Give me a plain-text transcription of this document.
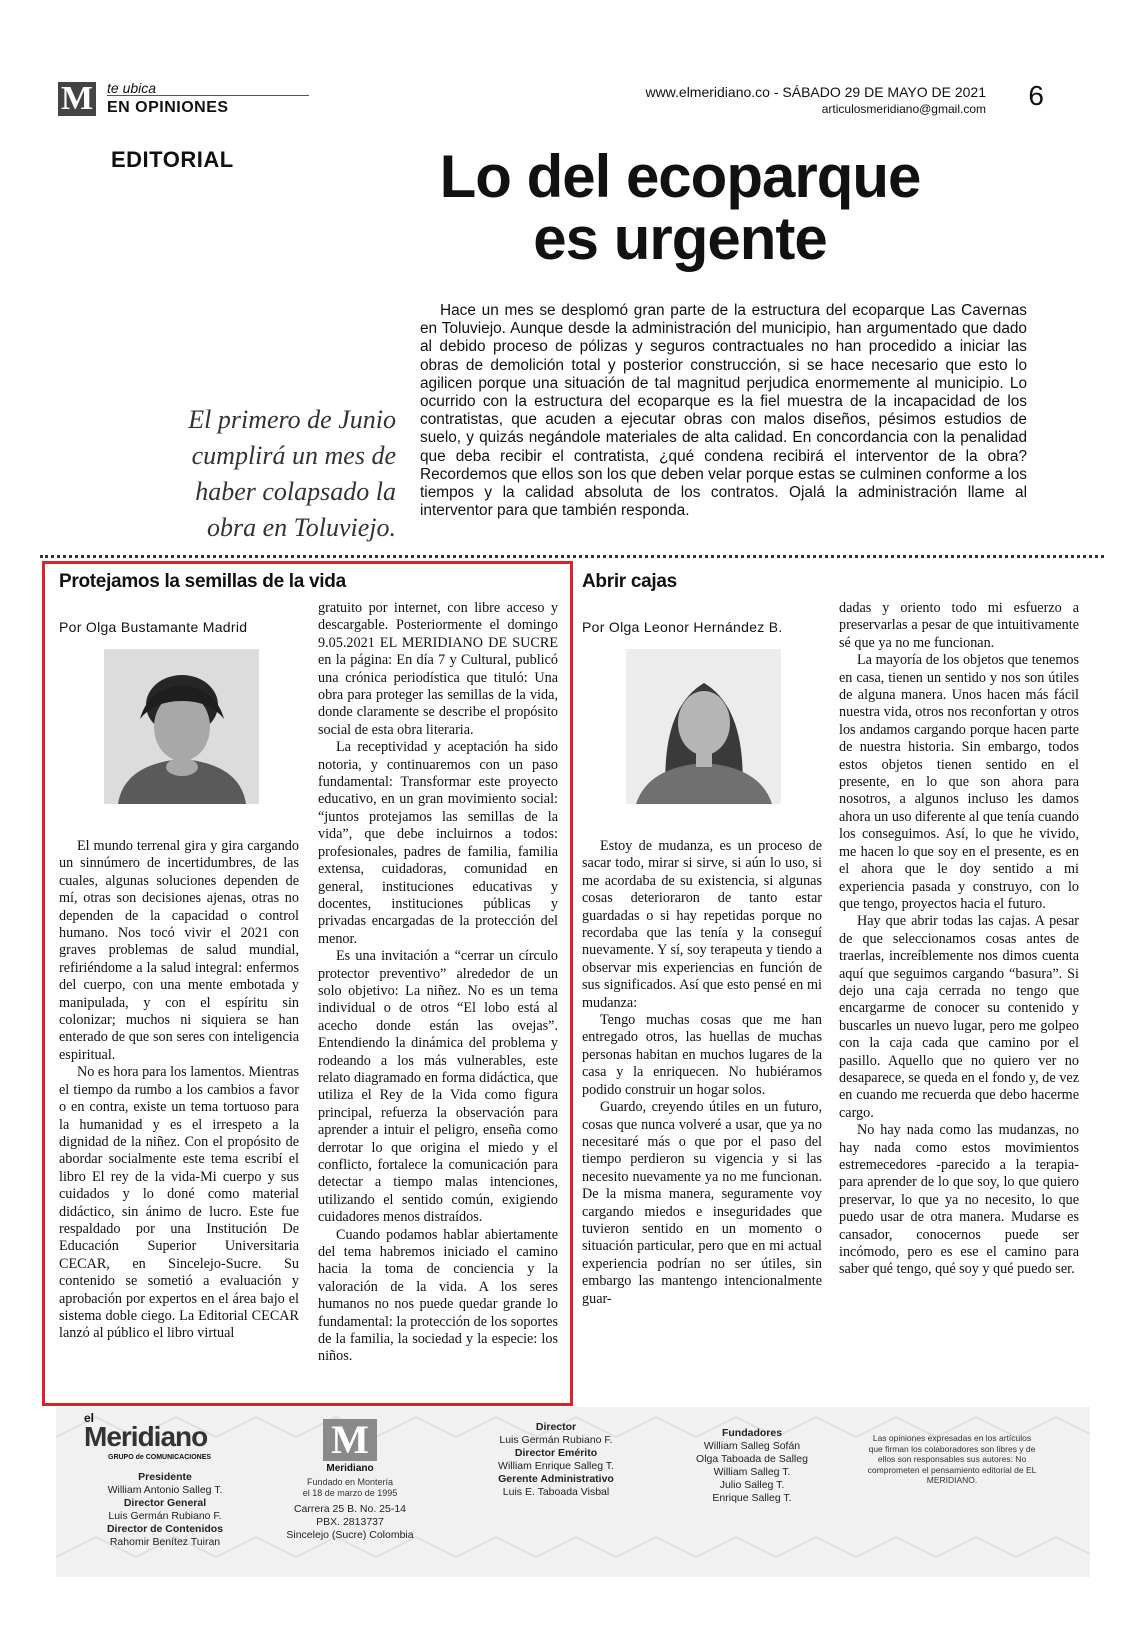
M te ubica
EN OPINIONES
www.elmeridiano.co - SÁBADO 29 DE MAYO DE 2021
articulosmeridiano@gmail.com 6
EDITORIAL	Lo del ecoparque
es urgente

Hace un mes se desplomó gran parte de la estructura del ecoparque Las Cavernas en Toluviejo. Aunque desde la administración del municipio, han argumentado que dado al debido proceso de pólizas y seguros contractuales no han procedido a iniciar las obras de demolición total y posterior construcción, si se hace necesario que esto lo agilicen porque una situación de tal magnitud perjudica enormemente al municipio. Lo ocurrido con la estructura del ecoparque es la fiel muestra de la incapacidad de los contratistas, que acuden a ejecutar obras con malos diseños, pésimos estudios de suelo, y quizás negándole materiales de alta calidad. En concordancia con la penalidad que deba recibir el contratista, ¿qué condena recibirá el interventor de la obra? Recordemos que ellos son los que deben velar porque estas se culminen conforme a los tiempos y la calidad absoluta de los contratos. Ojalá la administración llame al interventor para que también responda.

El primero de Junio cumplirá un mes de haber colapsado la obra en Toluviejo.
Protejamos la semillas de la vida
Por Olga Bustamante Madrid

El mundo terrenal gira y gira cargando un sinnúmero de incertidumbres, de las cuales, algunas soluciones dependen de mí, otras son decisiones ajenas, otras no dependen de la capacidad o control humano. Nos tocó vivir el 2021 con graves problemas de salud mundial, refiriéndome a la salud integral: enfermos del cuerpo, con una mente embotada y manipulada, y con el espíritu sin colonizar; muchos ni siquiera se han enterado de que son seres con inteligencia espiritual.

No es hora para los lamentos. Mientras el tiempo da rumbo a los cambios a favor o en contra, existe un tema tortuoso para la humanidad y es el irrespeto a la dignidad de la niñez. Con el propósito de abordar socialmente este tema escribí el libro El rey de la vida-Mi cuerpo y sus cuidados y lo doné como material didáctico, sin ánimo de lucro. Este fue respaldado por una Institución De Educación Superior Universitaria CECAR, en Sincelejo-Sucre. Su contenido se sometió a evaluación y aprobación por expertos en el área bajo el sistema doble ciego. La Editorial CECAR lanzó al público el libro virtual

gratuito por internet, con libre acceso y descargable. Posteriormente el domingo 9.05.2021 EL MERIDIANO DE SUCRE en la página: En día 7 y Cultural, publicó una crónica periodística que tituló: Una obra para proteger las semillas de la vida, donde claramente se describe el propósito social de esta obra literaria.

La receptividad y aceptación ha sido notoria, y continuaremos con un paso fundamental: Transformar este proyecto educativo, en un gran movimiento social: “juntos protejamos las semillas de la vida”, que debe incluirnos a todos: profesionales, padres de familia, familia extensa, cuidadoras, comunidad en general, instituciones educativas y docentes, instituciones públicas y privadas encargadas de la protección del menor.

Es una invitación a “cerrar un círculo protector preventivo” alrededor de un solo objetivo: La niñez. No es un tema individual o de otros “El lobo está al acecho donde están las ovejas”. Entendiendo la dinámica del problema y rodeando a los más vulnerables, este relato diagramado en forma didáctica, que utiliza el Rey de la Vida como figura principal, refuerza la observación para aprender a intuir el peligro, enseña como derrotar lo que origina el miedo y el conflicto, fortalece la comunicación para detectar a tiempo malas intenciones, utilizando el sentido común, exigiendo cuidadores menos distraídos.

Cuando podamos hablar abiertamente del tema habremos iniciado el camino hacia la toma de conciencia y la valoración de la vida. A los seres humanos no nos puede quedar grande lo fundamental: la protección de los soportes de la familia, la sociedad y la especie: los niños.

Abrir cajas
Por Olga Leonor Hernández B.

Estoy de mudanza, es un proceso de sacar todo, mirar si sirve, si aún lo uso, si me acordaba de su existencia, si algunas cosas deterioraron de tanto estar guardadas o si hay repetidas porque no recordaba que las tenía y la conseguí nuevamente. Y sí, soy terapeuta y tiendo a observar mis experiencias en función de sus significados. Así que esto pensé en mi mudanza:

Tengo muchas cosas que me han entregado otros, las huellas de muchas personas habitan en muchos lugares de la casa y la enriquecen. No hubiéramos podido construir un hogar solos.

Guardo, creyendo útiles en un futuro, cosas que nunca volveré a usar, que ya no necesitaré más o que por el paso del tiempo perdieron su vigencia y si las necesito nuevamente ya no me funcionan. De la misma manera, seguramente voy cargando miedos e inseguridades que tuvieron sentido en un momento o situación particular, pero que en mi actual experiencia podrían no ser útiles, sin embargo las mantengo intencionalmente guar-

dadas y oriento todo mi esfuerzo a preservarlas a pesar de que intuitivamente sé que ya no me funcionan.

La mayoría de los objetos que tenemos en casa, tienen un sentido y nos son útiles de alguna manera. Unos hacen más fácil nuestra vida, otros nos reconfortan y otros los andamos cargando porque hacen parte de nuestra historia. Sin embargo, todos estos objetos tienen sentido en el presente, en lo que son ahora para nosotros, a algunos incluso les damos ahora un uso diferente al que tenía cuando los conseguimos. Así, lo que he vivido, me hacen lo que soy en el presente, es en el ahora que le doy sentido a mi experiencia pasada y construyo, con lo que tengo, proyectos hacia el futuro.

Hay que abrir todas las cajas. A pesar de que seleccionamos cosas antes de traerlas, increíblemente nos dimos cuenta aquí que seguimos cargando “basura”. Si dejo una caja cerrada no tengo que encargarme de conocer su contenido y buscarles un nuevo lugar, pero me golpeo con la caja cada que camino por el pasillo. Aquello que no quiero ver no desaparece, se queda en el fondo y, de vez en cuando me recuerda que debo hacerme cargo.

No hay nada como las mudanzas, no hay nada como estos movimientos estremecedores -parecido a la terapia- para aprender de lo que soy, lo que quiero preservar, lo que ya no necesito, lo que puedo usar de otra manera. Mudarse es cansador, conocernos puede ser incómodo, pero es ese el camino para saber qué tengo, qué soy y qué puedo ser.

el
Meridiano
GRUPO de COMUNICACIONES
Presidente
William Antonio Salleg T.
Director General
Luis Germán Rubiano F.
Director de Contenidos
Rahomir Benítez Tuiran
M
Meridiano
Fundado en Montería
el 18 de marzo de 1995
Carrera 25 B. No. 25-14
PBX. 2813737
Sincelejo (Sucre) Colombia
Director
Luis Germán Rubiano F.
Director Emérito
William Enrique Salleg T.
Gerente Administrativo
Luis E. Taboada Visbal
Fundadores
William Salleg Sofán
Olga Taboada de Salleg
William Salleg T.
Julio Salleg T.
Enrique Salleg T.
Las opiniones expresadas en los artículos que firman los colaboradores son libres y de ellos son responsables sus autores: No comprometen el pensamiento editorial de EL MERIDIANO.
